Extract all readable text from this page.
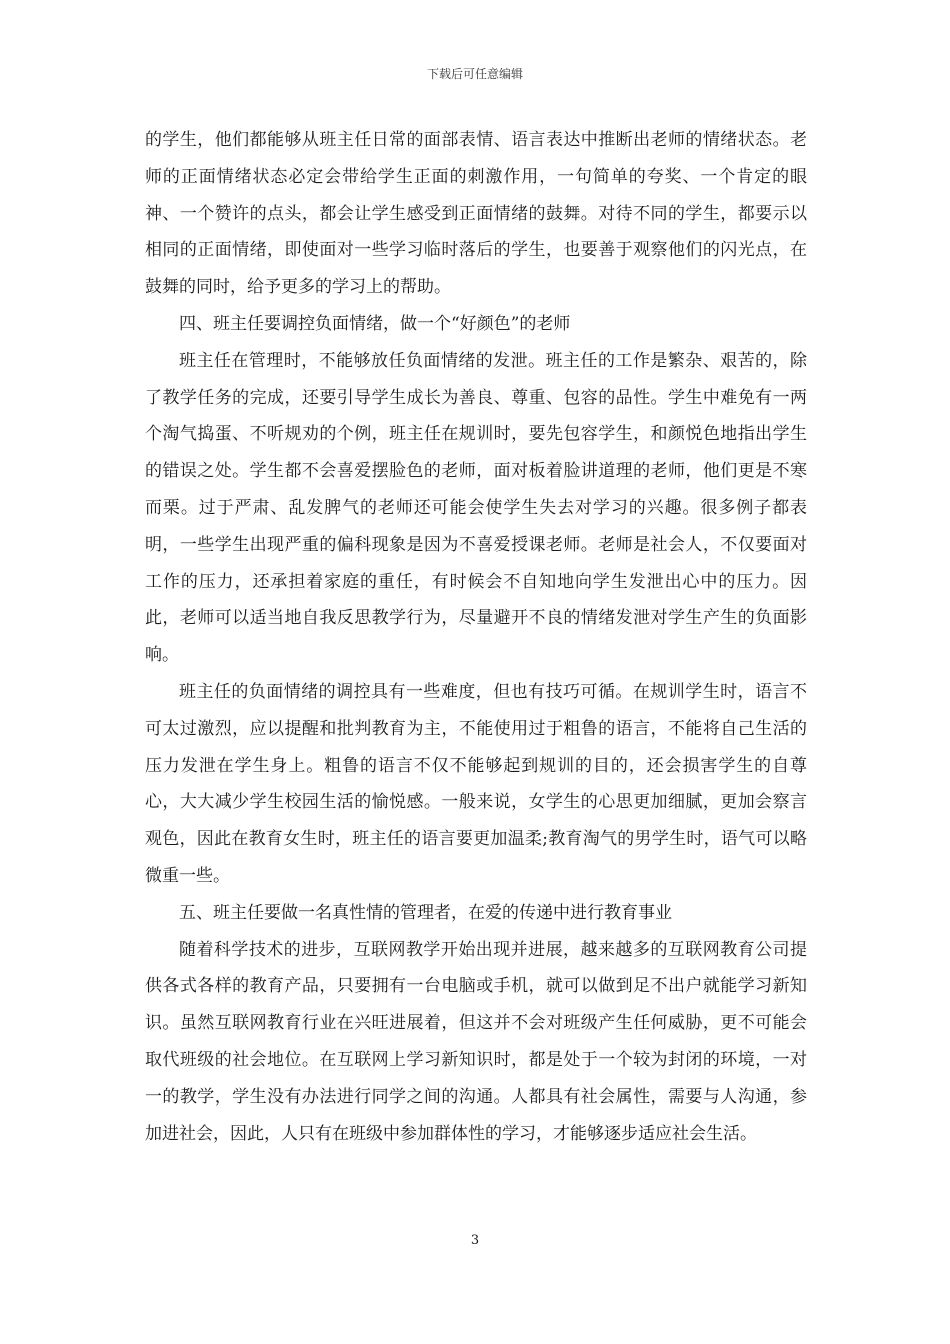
下载后可任意编辑

的学生，他们都能够从班主任日常的面部表情、语言表达中推断出老师的情绪状态。老师的正面情绪状态必定会带给学生正面的刺激作用，一句简单的夸奖、一个肯定的眼神、一个赞许的点头，都会让学生感受到正面情绪的鼓舞。对待不同的学生，都要示以相同的正面情绪，即使面对一些学习临时落后的学生，也要善于观察他们的闪光点，在鼓舞的同时，给予更多的学习上的帮助。

四、班主任要调控负面情绪，做一个“好颜色”的老师

班主任在管理时，不能够放任负面情绪的发泄。班主任的工作是繁杂、艰苦的，除了教学任务的完成，还要引导学生成长为善良、尊重、包容的品性。学生中难免有一两个淘气捣蛋、不听规劝的个例，班主任在规训时，要先包容学生，和颜悦色地指出学生的错误之处。学生都不会喜爱摆脸色的老师，面对板着脸讲道理的老师，他们更是不寒而栗。过于严肃、乱发脾气的老师还可能会使学生失去对学习的兴趣。很多例子都表明，一些学生出现严重的偏科现象是因为不喜爱授课老师。老师是社会人，不仅要面对工作的压力，还承担着家庭的重任，有时候会不自知地向学生发泄出心中的压力。因此，老师可以适当地自我反思教学行为，尽量避开不良的情绪发泄对学生产生的负面影响。

班主任的负面情绪的调控具有一些难度，但也有技巧可循。在规训学生时，语言不可太过激烈，应以提醒和批判教育为主，不能使用过于粗鲁的语言，不能将自己生活的压力发泄在学生身上。粗鲁的语言不仅不能够起到规训的目的，还会损害学生的自尊心，大大减少学生校园生活的愉悦感。一般来说，女学生的心思更加细腻，更加会察言观色，因此在教育女生时，班主任的语言要更加温柔;教育淘气的男学生时，语气可以略微重一些。

五、班主任要做一名真性情的管理者，在爱的传递中进行教育事业

随着科学技术的进步，互联网教学开始出现并进展，越来越多的互联网教育公司提供各式各样的教育产品，只要拥有一台电脑或手机，就可以做到足不出户就能学习新知识。虽然互联网教育行业在兴旺进展着，但这并不会对班级产生任何威胁，更不可能会取代班级的社会地位。在互联网上学习新知识时，都是处于一个较为封闭的环境，一对一的教学，学生没有办法进行同学之间的沟通。人都具有社会属性，需要与人沟通，参加进社会，因此，人只有在班级中参加群体性的学习，才能够逐步适应社会生活。

3
